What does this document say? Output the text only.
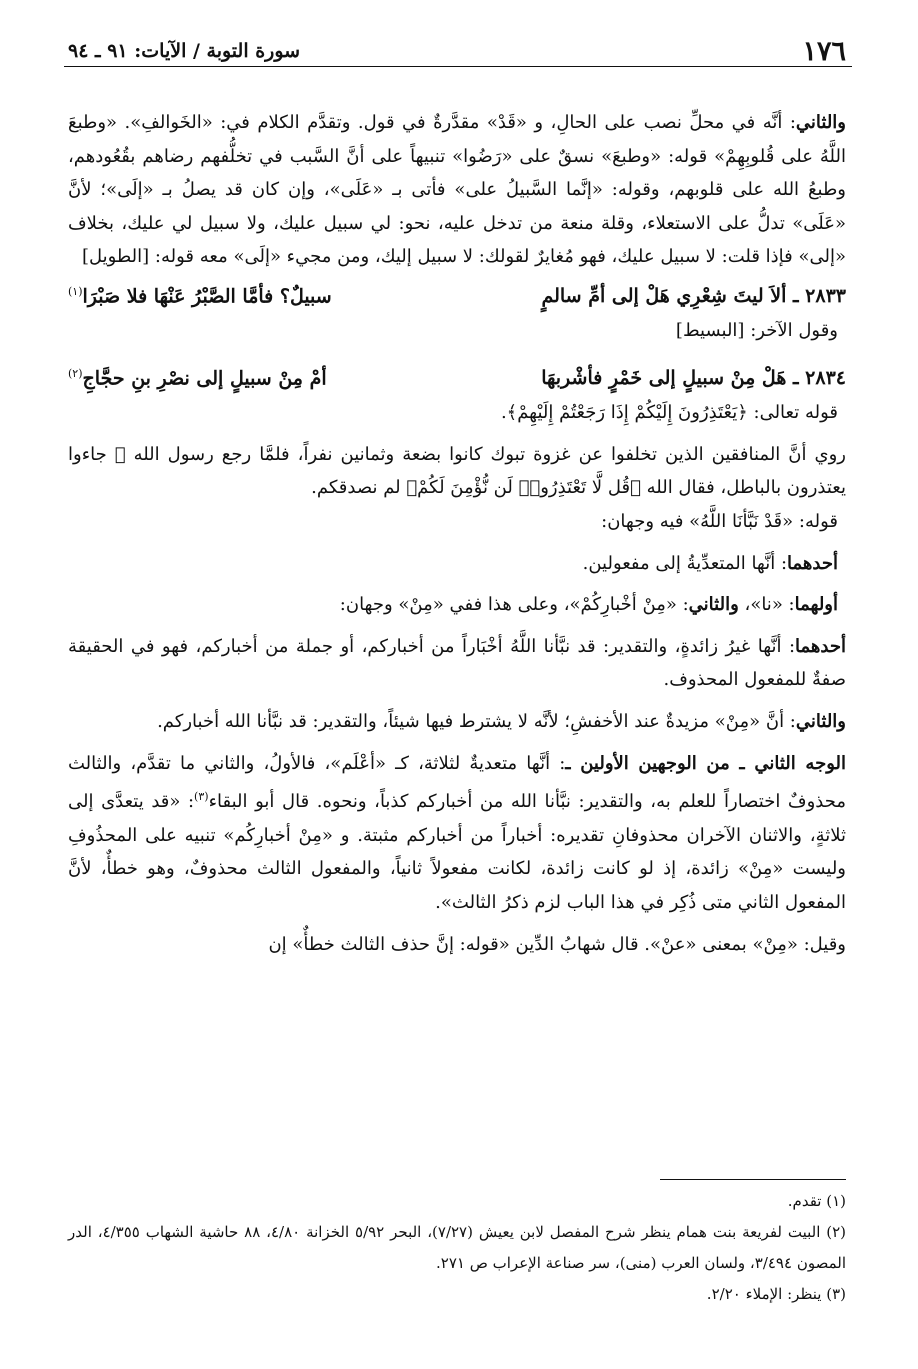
١٧٦
سورة التوبة / الآيات: ٩١ ـ ٩٤

والثاني: أنَّه في محلِّ نصب على الحالِ، و «قَدْ» مقدَّرةٌ في قول. وتقدَّم الكلام في: «الخَوالفِ». «وطبعَ اللَّهُ على قُلوبِهِمْ» قوله: «وطبعَ» نسقٌ على «رَضُوا» تنبيهاً على أنَّ السَّبب في تخلُّفهم رضاهم بقُعُودهم، وطبعُ الله على قلوبهم، وقوله: «إنَّما السَّبيلُ على» فأتى بـ «عَلَى»، وإن كان قد يصلُ بـ «إلَى»؛ لأنَّ «عَلَى» تدلُّ على الاستعلاء، وقلة منعة من تدخل عليه، نحو: لي سبيل عليك، ولا سبيل لي عليك، بخلاف «إلى» فإذا قلت: لا سبيل عليك، فهو مُغايرٌ لقولك: لا سبيل إليك، ومن مجيء «إلَى» معه قوله: [الطويل]

٢٨٣٣ ـ ألاَ ليتَ شِعْرِي هَلْ إلى أمِّ سالمٍ
سبيلٌ؟ فأمَّا الصَّبْرُ عَنْهَا فلا صَبْرَا$^{(١)}$

وقول الآخر: [البسيط]

٢٨٣٤ ـ هَلْ مِنْ سبيلٍ إلى خَمْرٍ فأشْربهَا
أمْ مِنْ سبيلٍ إلى نصْرِ بنِ حجَّاجِ$^{(٢)}$

قوله تعالى: ﴿يَعْتَذِرُونَ إِلَيْكُمْ إِذَا رَجَعْتُمْ إِلَيْهِمْ﴾.

روي أنَّ المنافقين الذين تخلفوا عن غزوة تبوك كانوا بضعة وثمانين نفراً، فلمَّا رجع رسول الله ﷺ جاءوا يعتذرون بالباطل، فقال الله ﴿قُل لَّا تَعْتَذِرُوا۟ لَن نُّؤْمِنَ لَكُمْ﴾ لم نصدقكم.

قوله: «قَدْ نَبَّأنَا اللَّهُ» فيه وجهان:

أحدهما: أنَّها المتعدِّيةُ إلى مفعولين.

أولهما: «نا»، والثاني: «مِنْ أخْبارِكُمْ»، وعلى هذا ففي «مِنْ» وجهان:

أحدهما: أنَّها غيرُ زائدةٍ، والتقدير: قد نبَّأنا اللَّهُ أخْبَاراً من أخباركم، أو جملة من أخباركم، فهو في الحقيقة صفةٌ للمفعول المحذوف.

والثاني: أنَّ «مِنْ» مزيدةٌ عند الأخفشِ؛ لأنَّه لا يشترط فيها شيئاً، والتقدير: قد نبَّأنا الله أخباركم.

الوجه الثاني ـ من الوجهين الأولين ـ: أنَّها متعديةٌ لثلاثة، كـ «أعْلَم»، فالأولُ، والثاني ما تقدَّم، والثالث محذوفٌ اختصاراً للعلم به، والتقدير: نبَّأنا الله من أخباركم كذباً، ونحوه. قال أبو البقاء$^{(٣)}$: «قد يتعدَّى إلى ثلاثةٍ، والاثنان الآخران محذوفانِ تقديره: أخباراً من أخباركم مثبتة. و «مِنْ أخبارِكُم» تنبيه على المحذُوفِ وليست «مِنْ» زائدة، إذ لو كانت زائدة، لكانت مفعولاً ثانياً، والمفعول الثالث محذوفٌ، وهو خطأٌ، لأنَّ المفعول الثاني متى ذُكِر في هذا الباب لزم ذكرُ الثالث».

وقيل: «مِنْ» بمعنى «عنْ». قال شهابُ الدِّين «قوله: إنَّ حذف الثالث خطأٌ» إن

(١) تقدم.

(٢) البيت لفريعة بنت همام ينظر شرح المفصل لابن يعيش (٧/٢٧)، البحر ٥/٩٢ الخزانة ٤/٨٠، ٨٨ حاشية الشهاب ٤/٣٥٥، الدر المصون ٣/٤٩٤، ولسان العرب (منى)، سر صناعة الإعراب ص ٢٧١.

(٣) ينظر: الإملاء ٢/٢٠.
